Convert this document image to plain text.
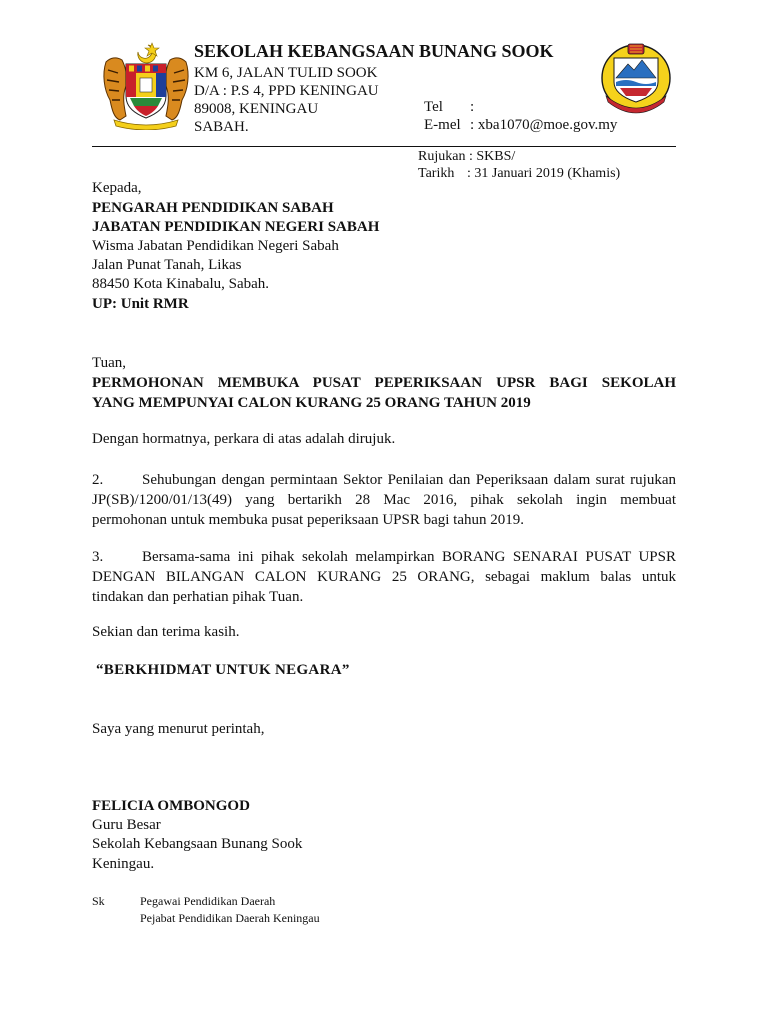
SEKOLAH KEBANGSAAN BUNANG SOOK
KM 6, JALAN TULID SOOK
D/A : P.S 4, PPD KENINGAU
89008, KENINGAU
SABAH.
Tel :
E-mel : xba1070@moe.gov.my
Rujukan : SKBS/
Tarikh : 31 Januari 2019 (Khamis)
Kepada,
PENGARAH PENDIDIKAN SABAH
JABATAN PENDIDIKAN NEGERI SABAH
Wisma Jabatan Pendidikan Negeri Sabah
Jalan Punat Tanah, Likas
88450 Kota Kinabalu, Sabah.
UP: Unit RMR
Tuan,
PERMOHONAN MEMBUKA PUSAT PEPERIKSAAN UPSR BAGI SEKOLAH
YANG MEMPUNYAI CALON KURANG 25 ORANG TAHUN 2019
Dengan hormatnya, perkara di atas adalah dirujuk.
2.	Sehubungan dengan permintaan Sektor Penilaian dan Peperiksaan dalam surat rujukan
JP(SB)/1200/01/13(49) yang bertarikh 28 Mac 2016, pihak sekolah ingin membuat
permohonan untuk membuka pusat peperiksaan UPSR bagi tahun 2019.
3.	Bersama-sama ini pihak sekolah melampirkan BORANG SENARAI PUSAT UPSR
DENGAN BILANGAN CALON KURANG 25 ORANG, sebagai maklum balas untuk
tindakan dan perhatian pihak Tuan.
Sekian dan terima kasih.
“BERKHIDMAT UNTUK NEGARA”
Saya yang menurut perintah,
FELICIA OMBONGOD
Guru Besar
Sekolah Kebangsaan Bunang Sook
Keningau.
Sk	Pegawai Pendidikan Daerah
Pejabat Pendidikan Daerah Keningau
